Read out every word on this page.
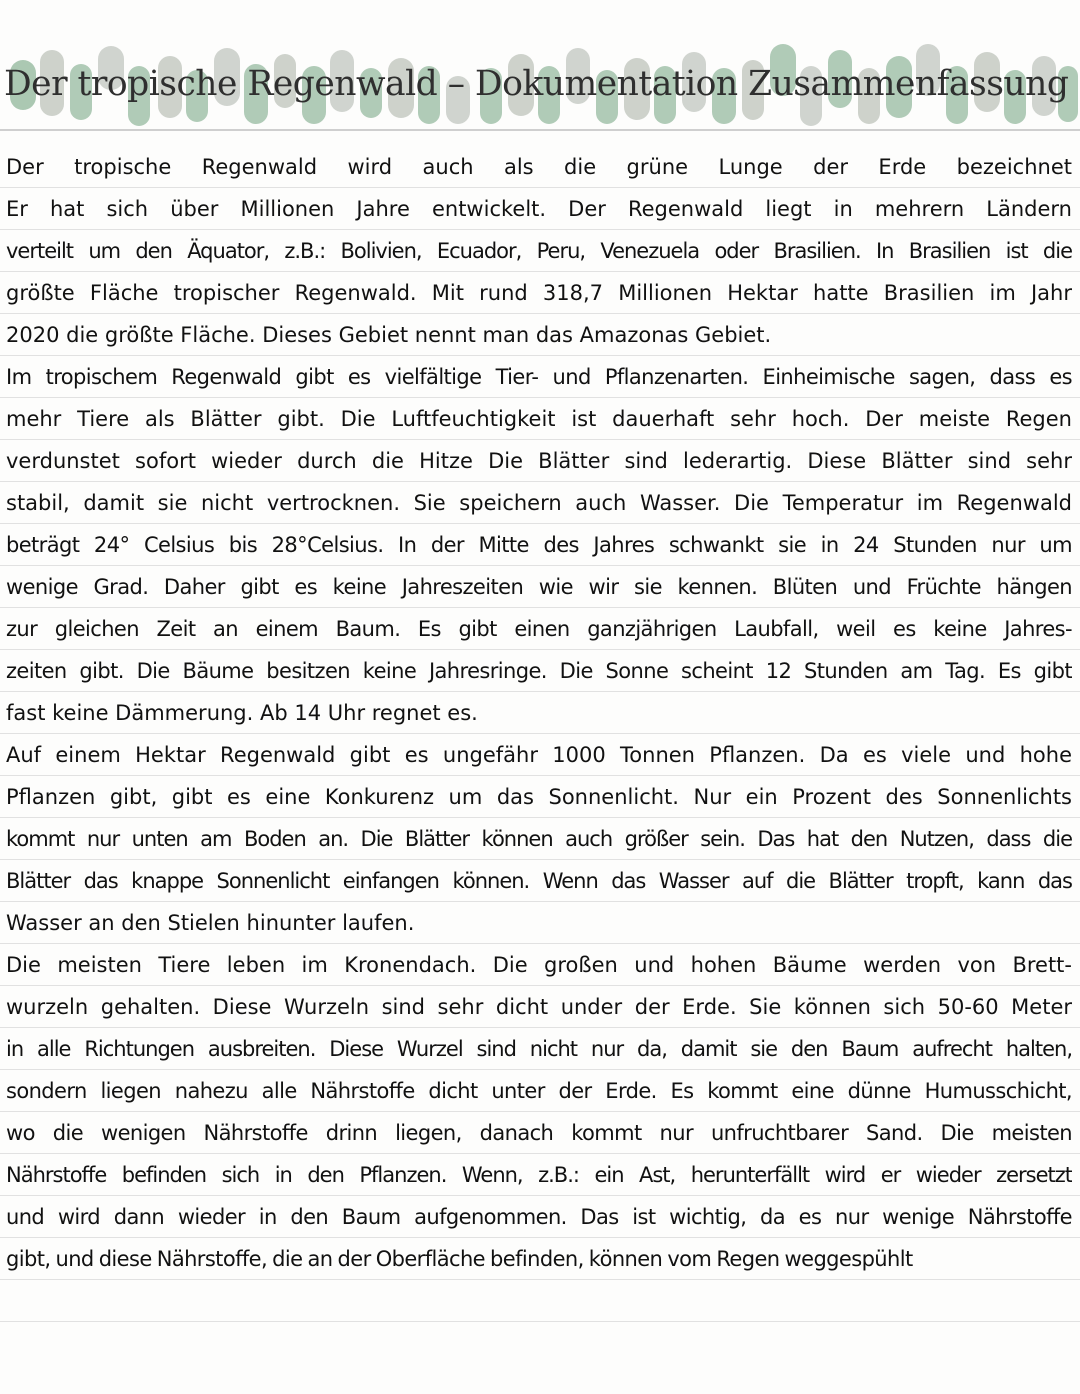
Der tropische Regenwald – Dokumentation Zusammenfassung
Der tropische Regenwald wird auch als die grüne Lunge der Erde bezeichnet
Er hat sich über Millionen Jahre entwickelt. Der Regenwald liegt in mehrern Ländern
verteilt um den Äquator, z.B.: Bolivien, Ecuador, Peru, Venezuela oder Brasilien. In Brasilien ist die
größte Fläche tropischer Regenwald. Mit rund 318,7 Millionen Hektar hatte Brasilien im Jahr
2020 die größte Fläche. Dieses Gebiet nennt man das Amazonas Gebiet.
Im tropischem Regenwald gibt es vielfältige Tier- und Pflanzenarten. Einheimische sagen, dass es
mehr Tiere als Blätter gibt. Die Luftfeuchtigkeit ist dauerhaft sehr hoch. Der meiste Regen
verdunstet sofort wieder durch die Hitze Die Blätter sind lederartig. Diese Blätter sind sehr
stabil, damit sie nicht vertrocknen. Sie speichern auch Wasser. Die Temperatur im Regenwald
beträgt 24° Celsius bis 28°Celsius. In der Mitte des Jahres schwankt sie in 24 Stunden nur um
wenige Grad. Daher gibt es keine Jahreszeiten wie wir sie kennen. Blüten und Früchte hängen
zur gleichen Zeit an einem Baum. Es gibt einen ganzjährigen Laubfall, weil es keine Jahres-
zeiten gibt. Die Bäume besitzen keine Jahresringe. Die Sonne scheint 12 Stunden am Tag. Es gibt
fast keine Dämmerung. Ab 14 Uhr regnet es.
Auf einem Hektar Regenwald gibt es ungefähr 1000 Tonnen Pflanzen. Da es viele und hohe
Pflanzen gibt, gibt es eine Konkurenz um das Sonnenlicht. Nur ein Prozent des Sonnenlichts
kommt nur unten am Boden an. Die Blätter können auch größer sein. Das hat den Nutzen, dass die
Blätter das knappe Sonnenlicht einfangen können. Wenn das Wasser auf die Blätter tropft, kann das
Wasser an den Stielen hinunter laufen.
Die meisten Tiere leben im Kronendach. Die großen und hohen Bäume werden von Brett-
wurzeln gehalten. Diese Wurzeln sind sehr dicht under der Erde. Sie können sich 50-60 Meter
in alle Richtungen ausbreiten. Diese Wurzel sind nicht nur da, damit sie den Baum aufrecht halten,
sondern liegen nahezu alle Nährstoffe dicht unter der Erde. Es kommt eine dünne Humusschicht,
wo die wenigen Nährstoffe drinn liegen, danach kommt nur unfruchtbarer Sand. Die meisten
Nährstoffe befinden sich in den Pflanzen. Wenn, z.B.: ein Ast, herunterfällt wird er wieder zersetzt
und wird dann wieder in den Baum aufgenommen. Das ist wichtig, da es nur wenige Nährstoffe
gibt, und diese Nährstoffe, die an der Oberfläche befinden, können vom Regen weggespühlt
